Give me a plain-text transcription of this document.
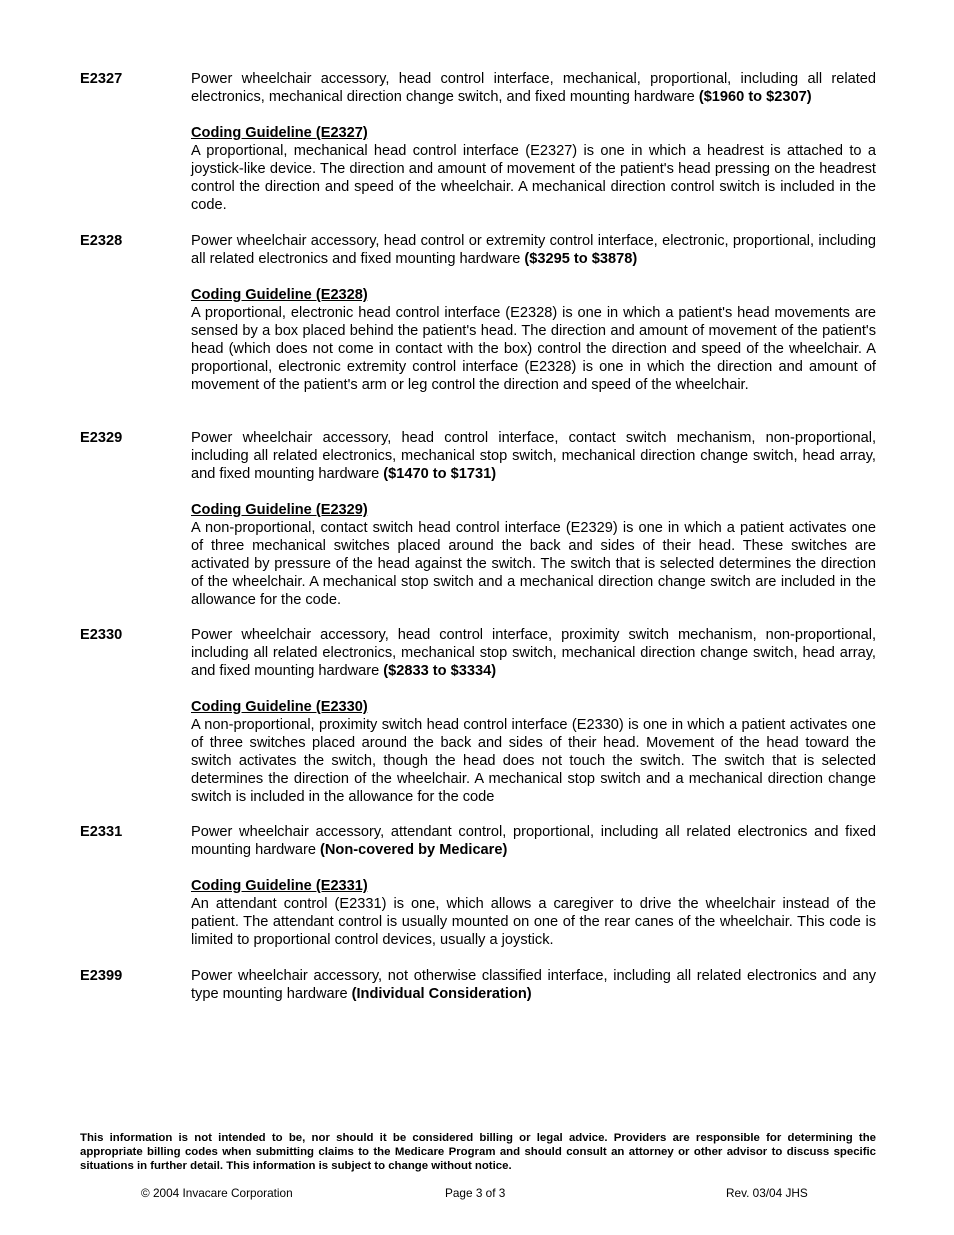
E2327	Power wheelchair accessory, head control interface, mechanical, proportional, including all related electronics, mechanical direction change switch, and fixed mounting hardware ($1960 to $2307)
Coding Guideline (E2327)
A proportional, mechanical head control interface (E2327) is one in which a headrest is attached to a joystick-like device. The direction and amount of movement of the patient's head pressing on the headrest control the direction and speed of the wheelchair. A mechanical direction control switch is included in the code.
E2328	Power wheelchair accessory, head control or extremity control interface, electronic, proportional, including all related electronics and fixed mounting hardware ($3295 to $3878)
Coding Guideline (E2328)
A proportional, electronic head control interface (E2328) is one in which a patient's head movements are sensed by a box placed behind the patient's head. The direction and amount of movement of the patient's head (which does not come in contact with the box) control the direction and speed of the wheelchair. A proportional, electronic extremity control interface (E2328) is one in which the direction and amount of movement of the patient's arm or leg control the direction and speed of the wheelchair.
E2329	Power wheelchair accessory, head control interface, contact switch mechanism, non-proportional, including all related electronics, mechanical stop switch, mechanical direction change switch, head array, and fixed mounting hardware ($1470 to $1731)
Coding Guideline (E2329)
A non-proportional, contact switch head control interface (E2329) is one in which a patient activates one of three mechanical switches placed around the back and sides of their head. These switches are activated by pressure of the head against the switch. The switch that is selected determines the direction of the wheelchair. A mechanical stop switch and a mechanical direction change switch are included in the allowance for the code.
E2330	Power wheelchair accessory, head control interface, proximity switch mechanism, non-proportional, including all related electronics, mechanical stop switch, mechanical direction change switch, head array, and fixed mounting hardware ($2833 to $3334)
Coding Guideline (E2330)
A non-proportional, proximity switch head control interface (E2330) is one in which a patient activates one of three switches placed around the back and sides of their head. Movement of the head toward the switch activates the switch, though the head does not touch the switch. The switch that is selected determines the direction of the wheelchair. A mechanical stop switch and a mechanical direction change switch is included in the allowance for the code
E2331	Power wheelchair accessory, attendant control, proportional, including all related electronics and fixed mounting hardware (Non-covered by Medicare)
Coding Guideline (E2331)
An attendant control (E2331) is one, which allows a caregiver to drive the wheelchair instead of the patient. The attendant control is usually mounted on one of the rear canes of the wheelchair. This code is limited to proportional control devices, usually a joystick.
E2399	Power wheelchair accessory, not otherwise classified interface, including all related electronics and any type mounting hardware (Individual Consideration)
This information is not intended to be, nor should it be considered billing or legal advice. Providers are responsible for determining the appropriate billing codes when submitting claims to the Medicare Program and should consult an attorney or other advisor to discuss specific situations in further detail. This information is subject to change without notice.
© 2004 Invacare Corporation	Page 3 of 3	Rev. 03/04 JHS
